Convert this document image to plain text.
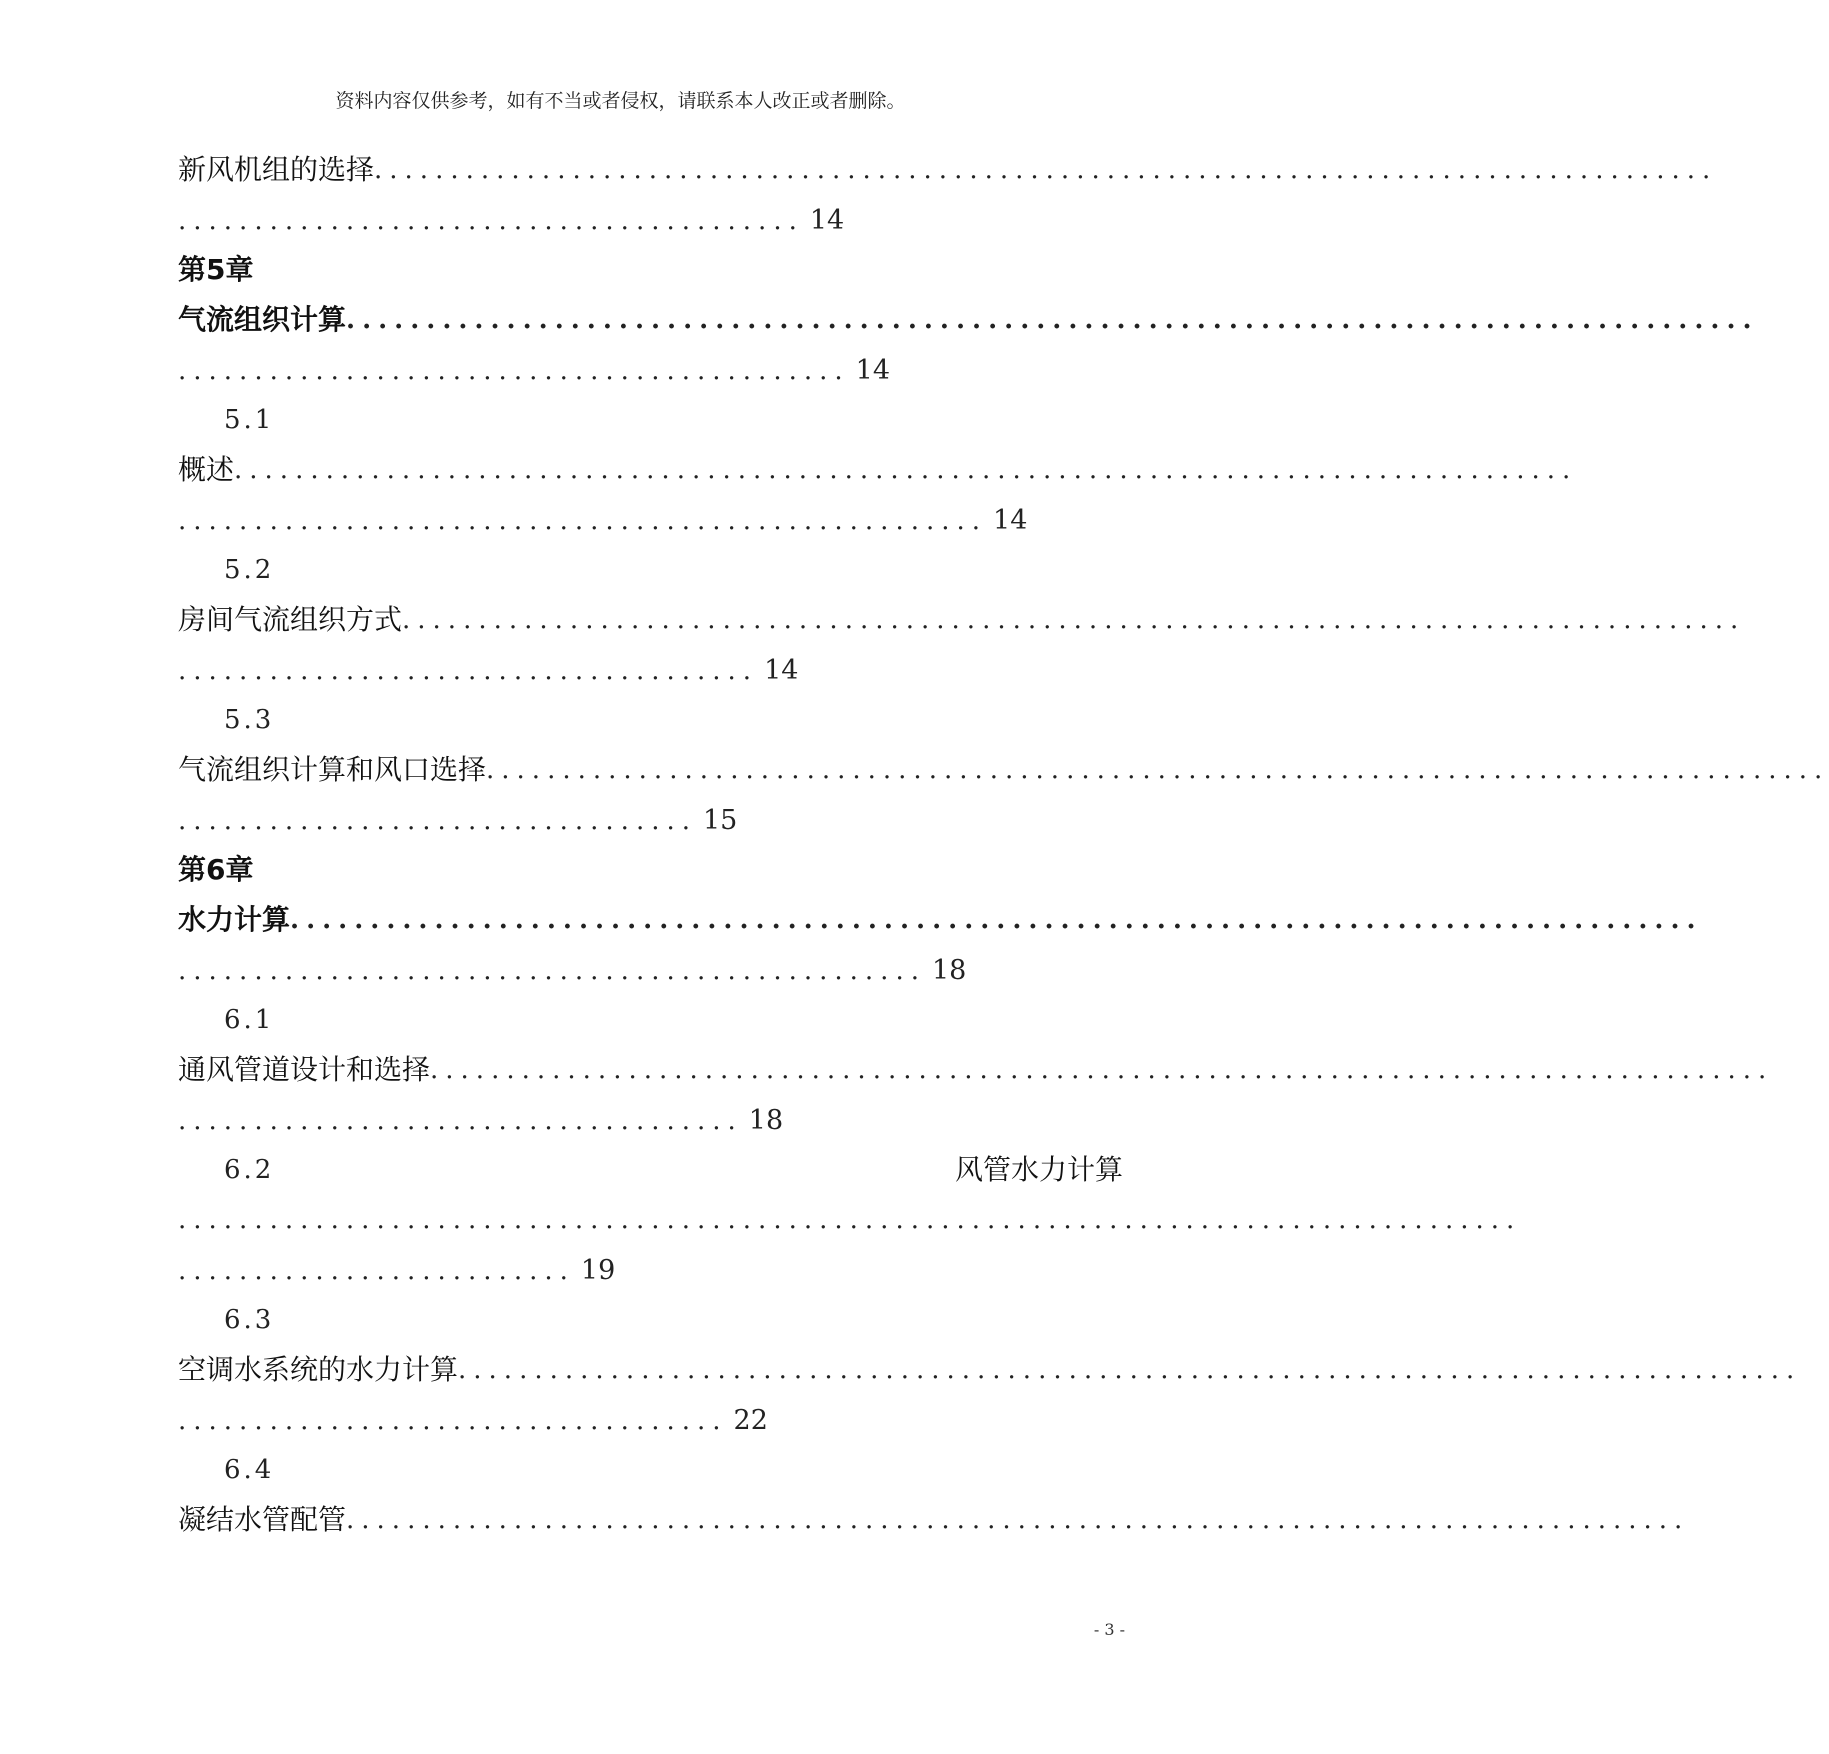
资料内容仅供参考，如有不当或者侵权，请联系本人改正或者删除。
新风机组的选择........................................................................................
......................................... 14
第5章
气流组织计算........................................................................................
............................................ 14
5.1
概述........................................................................................
..................................................... 14
5.2
房间气流组织方式........................................................................................
...................................... 14
5.3
气流组织计算和风口选择........................................................................................
.................................. 15
第6章
水力计算........................................................................................
................................................. 18
6.1
通风管道设计和选择........................................................................................
..................................... 18
6.2	风管水力计算
........................................................................................
.......................... 19
6.3
空调水系统的水力计算........................................................................................
.................................... 22
6.4
凝结水管配管........................................................................................
- 3 -
